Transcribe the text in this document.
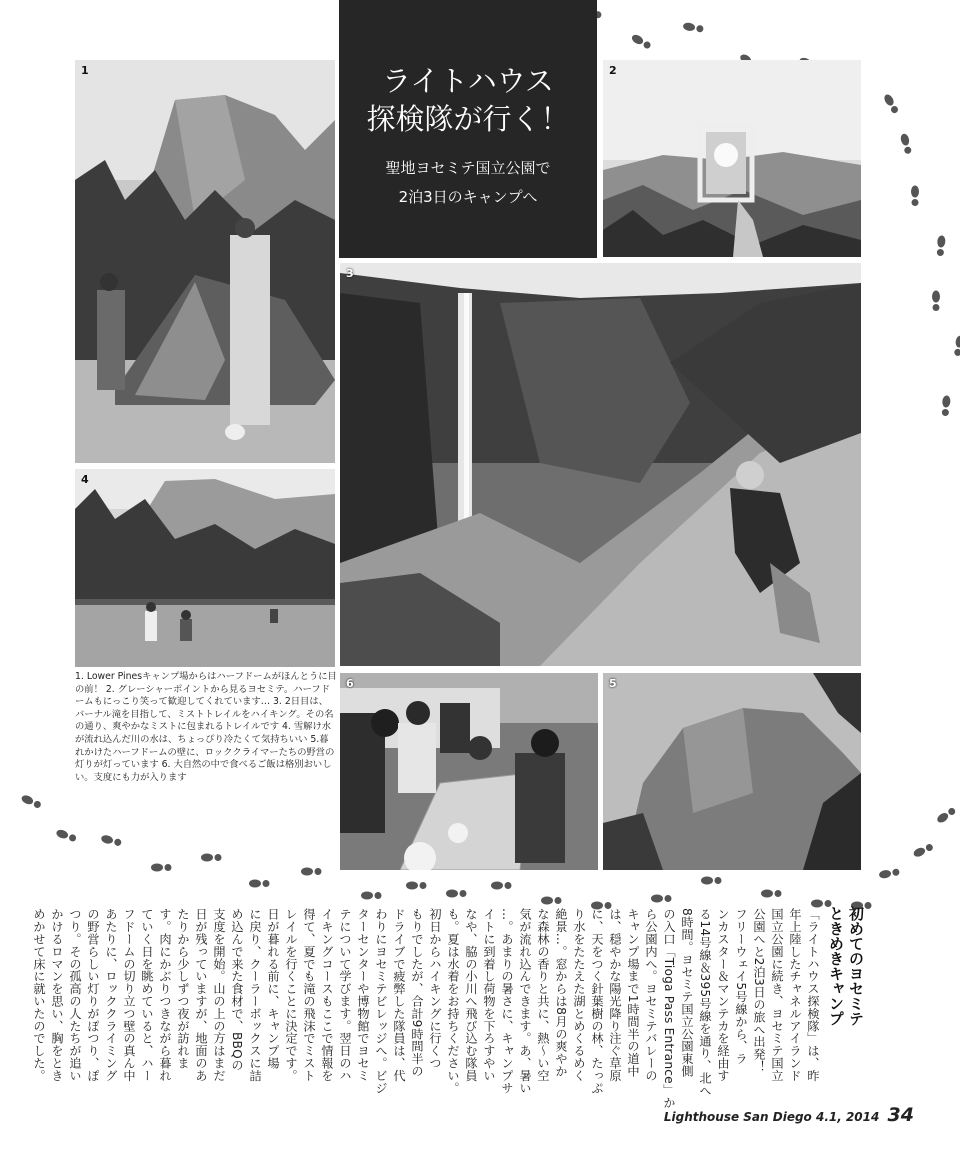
1	ライトハウス
探検隊が行く！
聖地ヨセミテ国立公園で
2泊3日のキャンプへ
2
3
4
6	5
1. Lower Pinesキャンプ場からはハーフドームがほんとうに目の前！ 2. グレーシャーポイントから見るヨセミテ。ハーフドームもにっこり笑って歓迎してくれています… 3. 2日目は、バーナル滝を目指して、ミストトレイルをハイキング。その名の通り、爽やかなミストに包まれるトレイルです 4. 雪解け水が流れ込んだ川の水は、ちょっぴり冷たくて気持ちいい 5.暮れかけたハーフドームの壁に、ロッククライマーたちの野営の灯りが灯っています 6. 大自然の中で食べるご飯は格別おいしい。支度にも力が入ります
初めてのヨセミテ
ときめきキャンプ
「ライトハウス探検隊」は、昨
年上陸したチャネルアイランド
国立公園に続き、ヨセミテ国立
公園へと2泊3日の旅へ出発！
フリーウェイ5号線から、ラ
ンカスター＆マンテカを経由す
る14号線＆395号線を通り、北へ
8時間。ヨセミテ国立公園東側
の入口「Tioga Pass Entrance」か
ら公園内へ。ヨセミテバレーの
キャンプ場まで1時間半の道中
は、穏やかな陽光降り注ぐ草原
に、天をつく針葉樹の林、たっぷ
り水をたたえた湖とめくるめく
絶景…。窓からは8月の爽やか
な森林の香りと共に、熱〜い空
気が流れ込んできます。あ、暑い
…。あまりの暑さに、キャンプサ
イトに到着し荷物を下ろすやい
なや、脇の小川へ飛び込む隊員
も。夏は水着をお持ちください。
初日からハイキングに行くつ
もりでしたが、合計9時間半の
ドライブで疲弊した隊員は、代
わりにヨセミテビレッジへ。ビジ
ターセンターや博物館でヨセミ
テについて学びます。翌日のハ
イキングコースもここで情報を
得て、夏でも滝の飛沫でミスト
レイルを行くことに決定です。
日が暮れる前に、キャンプ場
に戻り、クーラーボックスに詰
め込んで来た食材で、BBQの
支度を開始。山の上の方はまだ
日が残っていますが、地面のあ
たりから少しずつ夜が訪れま
す。肉にかぶりつきながら暮れ
ていく日を眺めていると、ハー
フドームの切り立つ壁の真ん中
あたりに、ロッククライミング
の野営らしい灯りがぽつり、ぽ
つり。その孤高の人たちが追い
かけるロマンを思い、胸をとき
めかせて床に就いたのでした。
Lighthouse San Diego 4.1, 2014 34
